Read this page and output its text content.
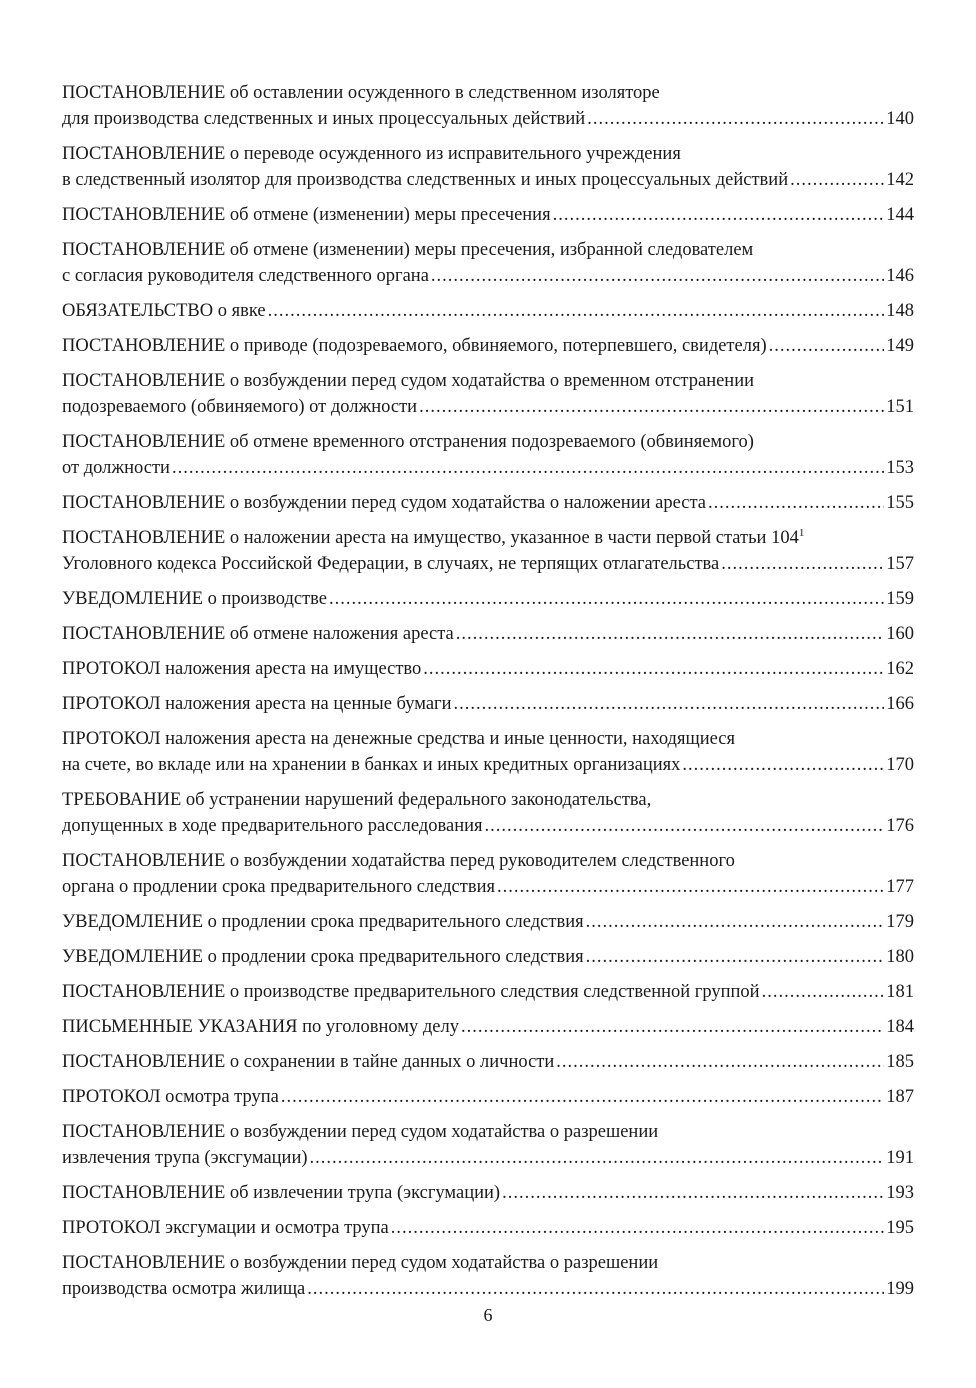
ПОСТАНОВЛЕНИЕ об оставлении осужденного в следственном изоляторе
для производства следственных и иных процессуальных действий .....	140
ПОСТАНОВЛЕНИЕ о переводе осужденного из исправительного учреждения
в следственный изолятор для производства следственных и иных процессуальных действий .....	142
ПОСТАНОВЛЕНИЕ об отмене (изменении) меры пресечения .....	144
ПОСТАНОВЛЕНИЕ об отмене (изменении) меры пресечения, избранной следователем
с согласия руководителя следственного органа .....	146
ОБЯЗАТЕЛЬСТВО о явке .....	148
ПОСТАНОВЛЕНИЕ о приводе (подозреваемого, обвиняемого, потерпевшего, свидетеля) .....	149
ПОСТАНОВЛЕНИЕ о возбуждении перед судом ходатайства о временном отстранении
подозреваемого (обвиняемого) от должности .....	151
ПОСТАНОВЛЕНИЕ об отмене временного отстранения подозреваемого (обвиняемого)
от должности .....	153
ПОСТАНОВЛЕНИЕ о возбуждении перед судом ходатайства о наложении ареста .....	155
ПОСТАНОВЛЕНИЕ о наложении ареста на имущество, указанное в части первой статьи $104^1$
Уголовного кодекса Российской Федерации, в случаях, не терпящих отлагательства .....	157
УВЕДОМЛЕНИЕ о производстве .....	159
ПОСТАНОВЛЕНИЕ об отмене наложения ареста .....	160
ПРОТОКОЛ наложения ареста на имущество .....	162
ПРОТОКОЛ наложения ареста на ценные бумаги .....	166
ПРОТОКОЛ наложения ареста на денежные средства и иные ценности, находящиеся
на счете, во вкладе или на хранении в банках и иных кредитных организациях .....	170
ТРЕБОВАНИЕ об устранении нарушений федерального законодательства,
допущенных в ходе предварительного расследования .....	176
ПОСТАНОВЛЕНИЕ о возбуждении ходатайства перед руководителем следственного
органа о продлении срока предварительного следствия .....	177
УВЕДОМЛЕНИЕ о продлении срока предварительного следствия .....	179
УВЕДОМЛЕНИЕ о продлении срока предварительного следствия .....	180
ПОСТАНОВЛЕНИЕ о производстве предварительного следствия следственной группой .....	181
ПИСЬМЕННЫЕ УКАЗАНИЯ по уголовному делу .....	184
ПОСТАНОВЛЕНИЕ о сохранении в тайне данных о личности .....	185
ПРОТОКОЛ осмотра трупа .....	187
ПОСТАНОВЛЕНИЕ о возбуждении перед судом ходатайства о разрешении
извлечения трупа (эксгумации) .....	191
ПОСТАНОВЛЕНИЕ об извлечении трупа (эксгумации) .....	193
ПРОТОКОЛ эксгумации и осмотра трупа .....	195
ПОСТАНОВЛЕНИЕ о возбуждении перед судом ходатайства о разрешении
производства осмотра жилища .....	199
6
